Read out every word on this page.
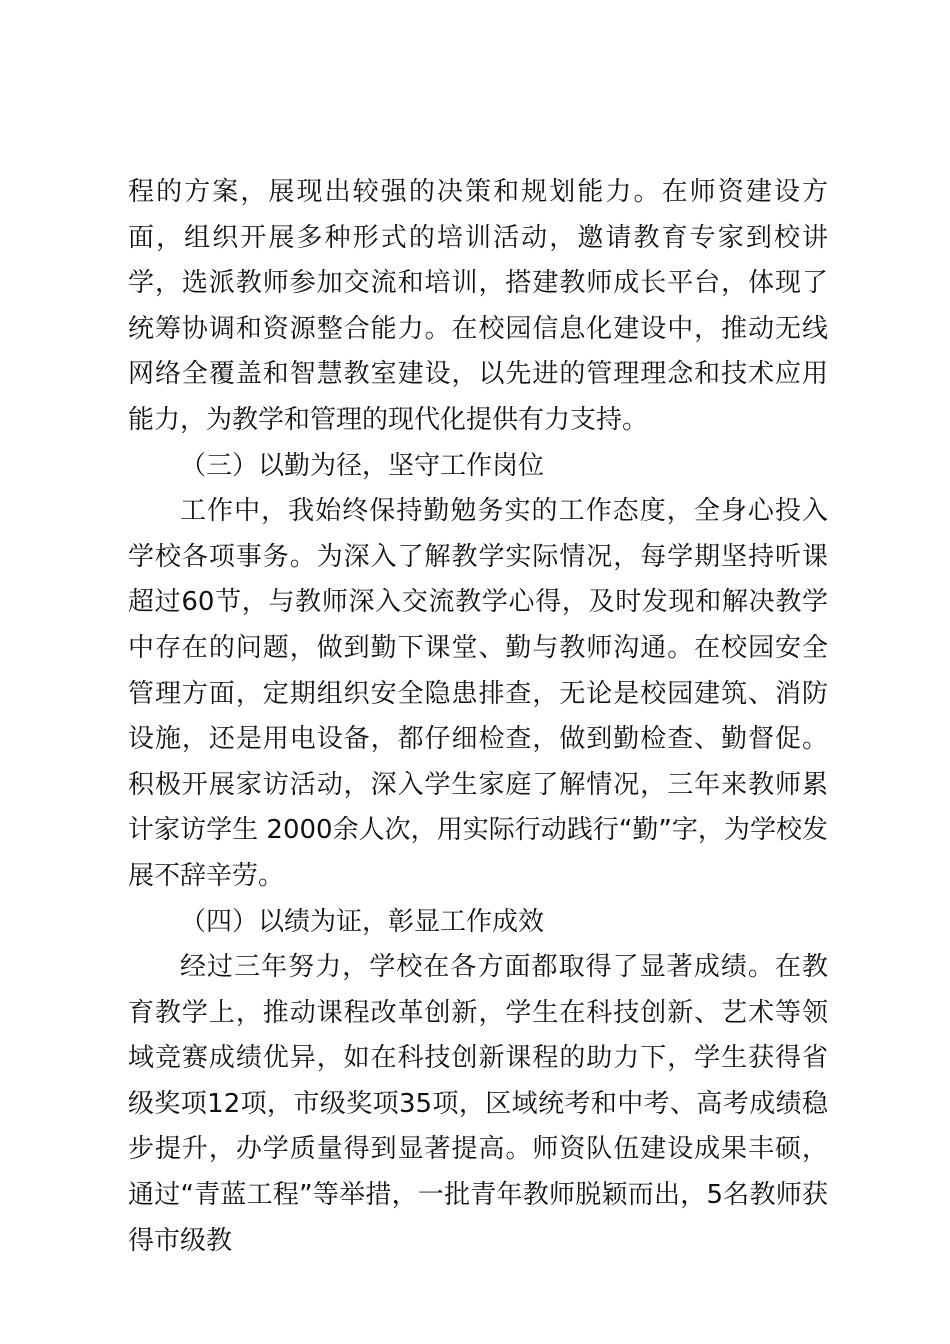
程的方案，展现出较强的决策和规划能力。在师资建设方面，组织开展多种形式的培训活动，邀请教育专家到校讲学，选派教师参加交流和培训，搭建教师成长平台，体现了统筹协调和资源整合能力。在校园信息化建设中，推动无线网络全覆盖和智慧教室建设，以先进的管理理念和技术应用能力，为教学和管理的现代化提供有力支持。

（三）以勤为径，坚守工作岗位

工作中，我始终保持勤勉务实的工作态度，全身心投入学校各项事务。为深入了解教学实际情况，每学期坚持听课超过60节，与教师深入交流教学心得，及时发现和解决教学中存在的问题，做到勤下课堂、勤与教师沟通。在校园安全管理方面，定期组织安全隐患排查，无论是校园建筑、消防设施，还是用电设备，都仔细检查，做到勤检查、勤督促。积极开展家访活动，深入学生家庭了解情况，三年来教师累计家访学生 2000余人次，用实际行动践行“勤”字，为学校发展不辞辛劳。

（四）以绩为证，彰显工作成效

经过三年努力，学校在各方面都取得了显著成绩。在教育教学上，推动课程改革创新，学生在科技创新、艺术等领域竞赛成绩优异，如在科技创新课程的助力下，学生获得省级奖项12项，市级奖项35项，区域统考和中考、高考成绩稳步提升，办学质量得到显著提高。师资队伍建设成果丰硕，通过“青蓝工程”等举措，一批青年教师脱颖而出，5名教师获得市级教
